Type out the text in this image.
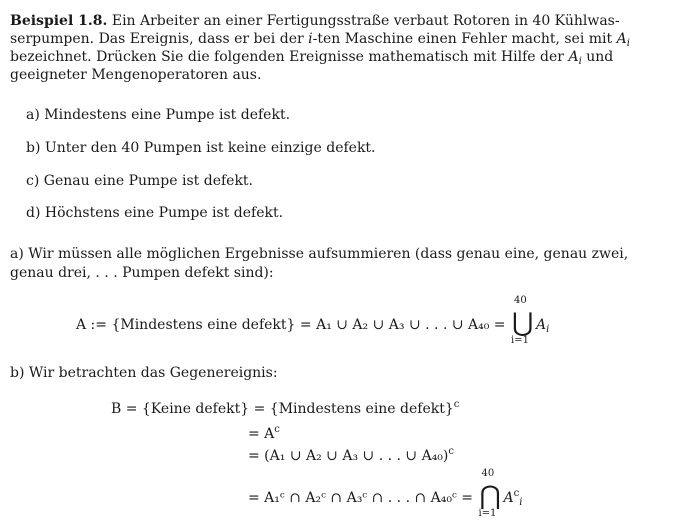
Beispiel 1.8. Ein Arbeiter an einer Fertigungsstraße verbaut Rotoren in 40 Kühlwas-
serpumpen. Das Ereignis, dass er bei der i-ten Maschine einen Fehler macht, sei mit $A_i$
bezeichnet. Drücken Sie die folgenden Ereignisse mathematisch mit Hilfe der $A_i$ und
geeigneter Mengenoperatoren aus.
a) Mindestens eine Pumpe ist defekt.
b) Unter den 40 Pumpen ist keine einzige defekt.
c) Genau eine Pumpe ist defekt.
d) Höchstens eine Pumpe ist defekt.
a) Wir müssen alle möglichen Ergebnisse aufsummieren (dass genau eine, genau zwei,
genau drei, . . . Pumpen defekt sind):
A := {Mindestens eine defekt} = A₁ ∪ A₂ ∪ A₃ ∪ . . . ∪ A₄₀ =
40
⋃
i=1
$A_i$
b) Wir betrachten das Gegenereignis:
B = {Keine defekt} = {Mindestens eine defekt}$^c$
= $A^c$
= (A₁ ∪ A₂ ∪ A₃ ∪ . . . ∪ A₄₀)$^c$
= A₁ᶜ ∩ A₂ᶜ ∩ A₃ᶜ ∩ . . . ∩ A₄₀ᶜ =
40
⋂
i=1
$A^c_i$
